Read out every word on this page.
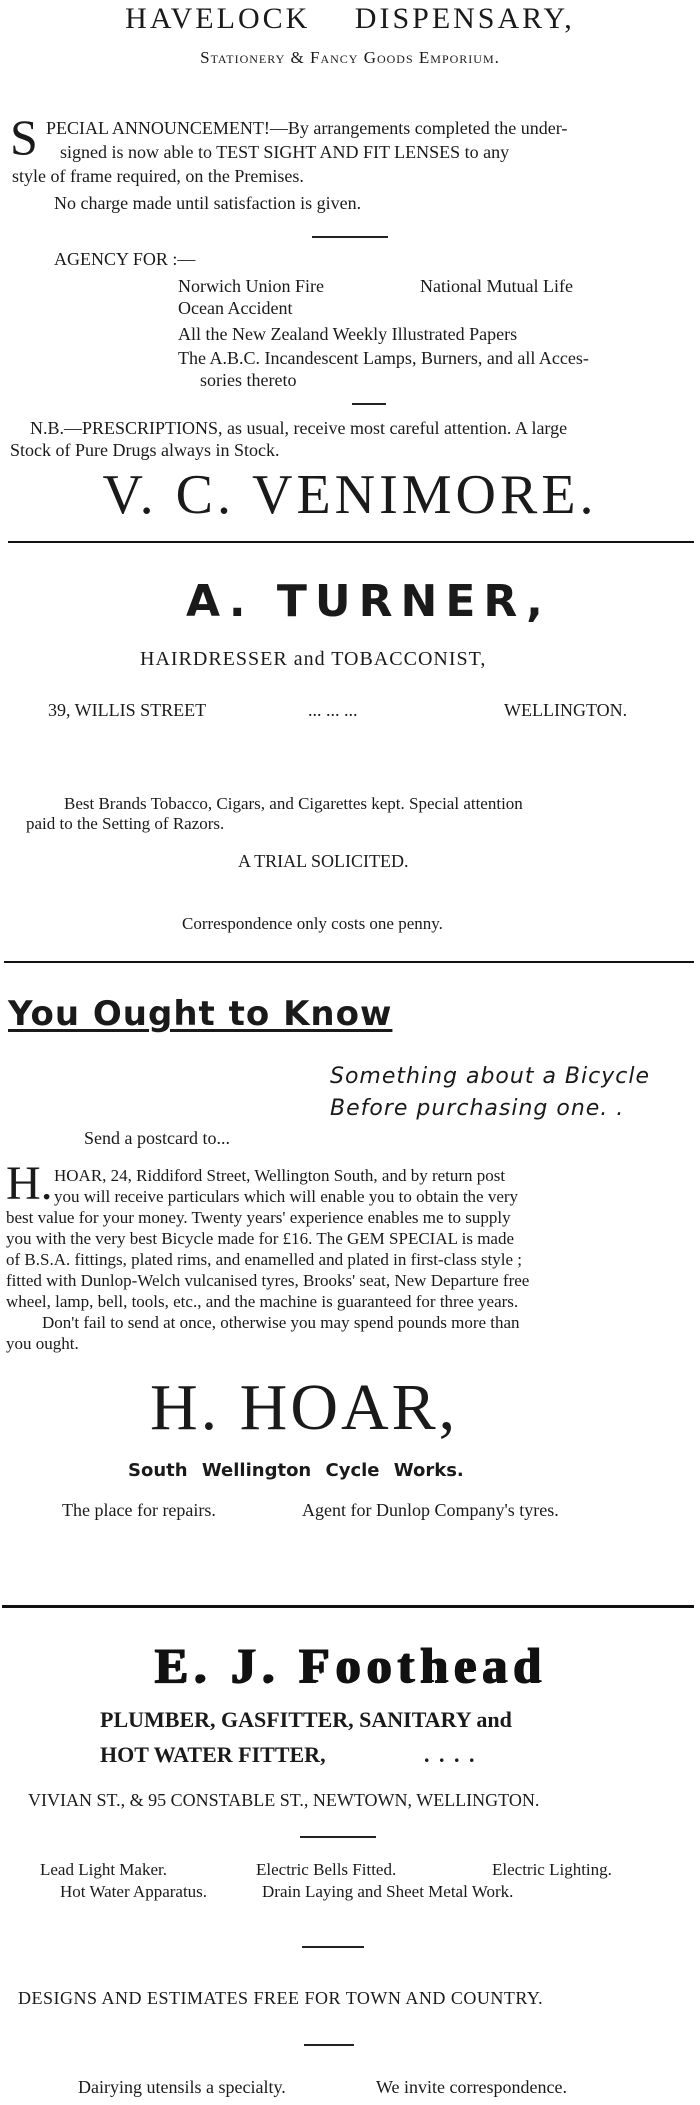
HAVELOCK DISPENSARY,
Stationery & Fancy Goods Emporium.
S PECIAL ANNOUNCEMENT!—By arrangements completed the under-
signed is now able to TEST SIGHT AND FIT LENSES to any
style of frame required, on the Premises.
No charge made until satisfaction is given.
AGENCY FOR :—
Norwich Union Fire	National Mutual Life
Ocean Accident
All the New Zealand Weekly Illustrated Papers
The A.B.C. Incandescent Lamps, Burners, and all Acces-
sories thereto
N.B.—PRESCRIPTIONS, as usual, receive most careful attention. A large
Stock of Pure Drugs always in Stock.
V. C. VENIMORE.
A. TURNER,
HAIRDRESSER and TOBACCONIST,
39, WILLIS STREET	... ... ...	WELLINGTON.
Best Brands Tobacco, Cigars, and Cigarettes kept. Special attention
paid to the Setting of Razors.
A TRIAL SOLICITED.
Correspondence only costs one penny.
You Ought to Know
Something about a Bicycle
Before purchasing one. .
Send a postcard to...
H. HOAR, 24, Riddiford Street, Wellington South, and by return post
you will receive particulars which will enable you to obtain the very
best value for your money. Twenty years' experience enables me to supply
you with the very best Bicycle made for £16. The GEM SPECIAL is made
of B.S.A. fittings, plated rims, and enamelled and plated in first-class style ;
fitted with Dunlop-Welch vulcanised tyres, Brooks' seat, New Departure free
wheel, lamp, bell, tools, etc., and the machine is guaranteed for three years.
Don't fail to send at once, otherwise you may spend pounds more than
you ought.
H. HOAR,
South Wellington Cycle Works.
The place for repairs.	Agent for Dunlop Company's tyres.
E. J. Foothead
PLUMBER, GASFITTER, SANITARY and
HOT WATER FITTER,	. . . .
VIVIAN ST., & 95 CONSTABLE ST., NEWTOWN, WELLINGTON.
Lead Light Maker.	Electric Bells Fitted.	Electric Lighting.
Hot Water Apparatus.	Drain Laying and Sheet Metal Work.
DESIGNS AND ESTIMATES FREE FOR TOWN AND COUNTRY.
Dairying utensils a specialty.	We invite correspondence.
